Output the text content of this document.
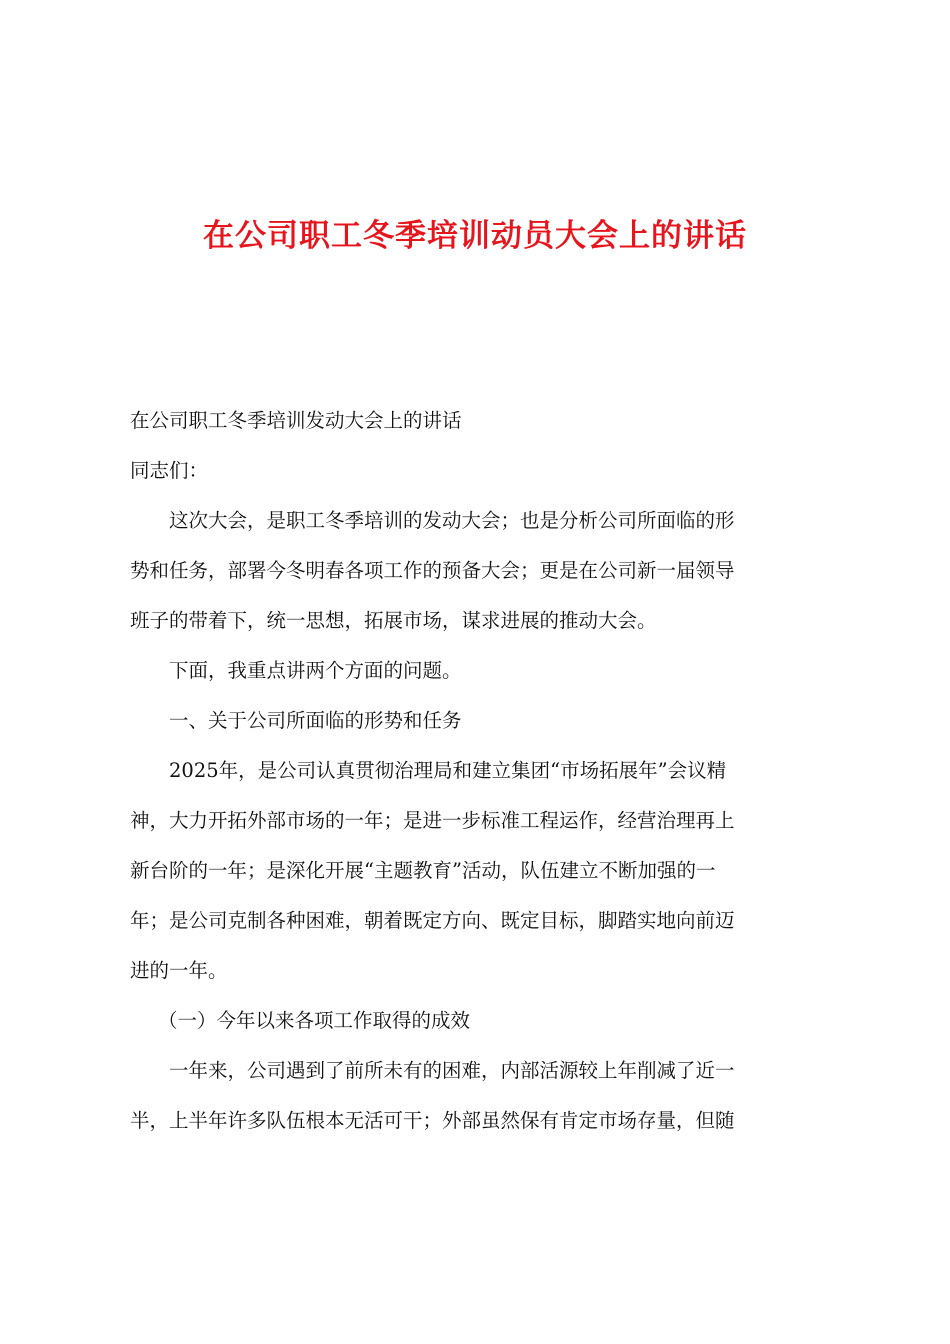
在公司职工冬季培训动员大会上的讲话
在公司职工冬季培训发动大会上的讲话
同志们：
这次大会，是职工冬季培训的发动大会；也是分析公司所面临的形
势和任务，部署今冬明春各项工作的预备大会；更是在公司新一届领导
班子的带着下，统一思想，拓展市场，谋求进展的推动大会。
下面，我重点讲两个方面的问题。
一、关于公司所面临的形势和任务
2025年，是公司认真贯彻治理局和建立集团“市场拓展年”会议精
神，大力开拓外部市场的一年；是进一步标准工程运作，经营治理再上
新台阶的一年；是深化开展“主题教育”活动，队伍建立不断加强的一
年；是公司克制各种困难，朝着既定方向、既定目标，脚踏实地向前迈
进的一年。
（一）今年以来各项工作取得的成效
一年来，公司遇到了前所未有的困难，内部活源较上年削减了近一
半，上半年许多队伍根本无活可干；外部虽然保有肯定市场存量，但随
